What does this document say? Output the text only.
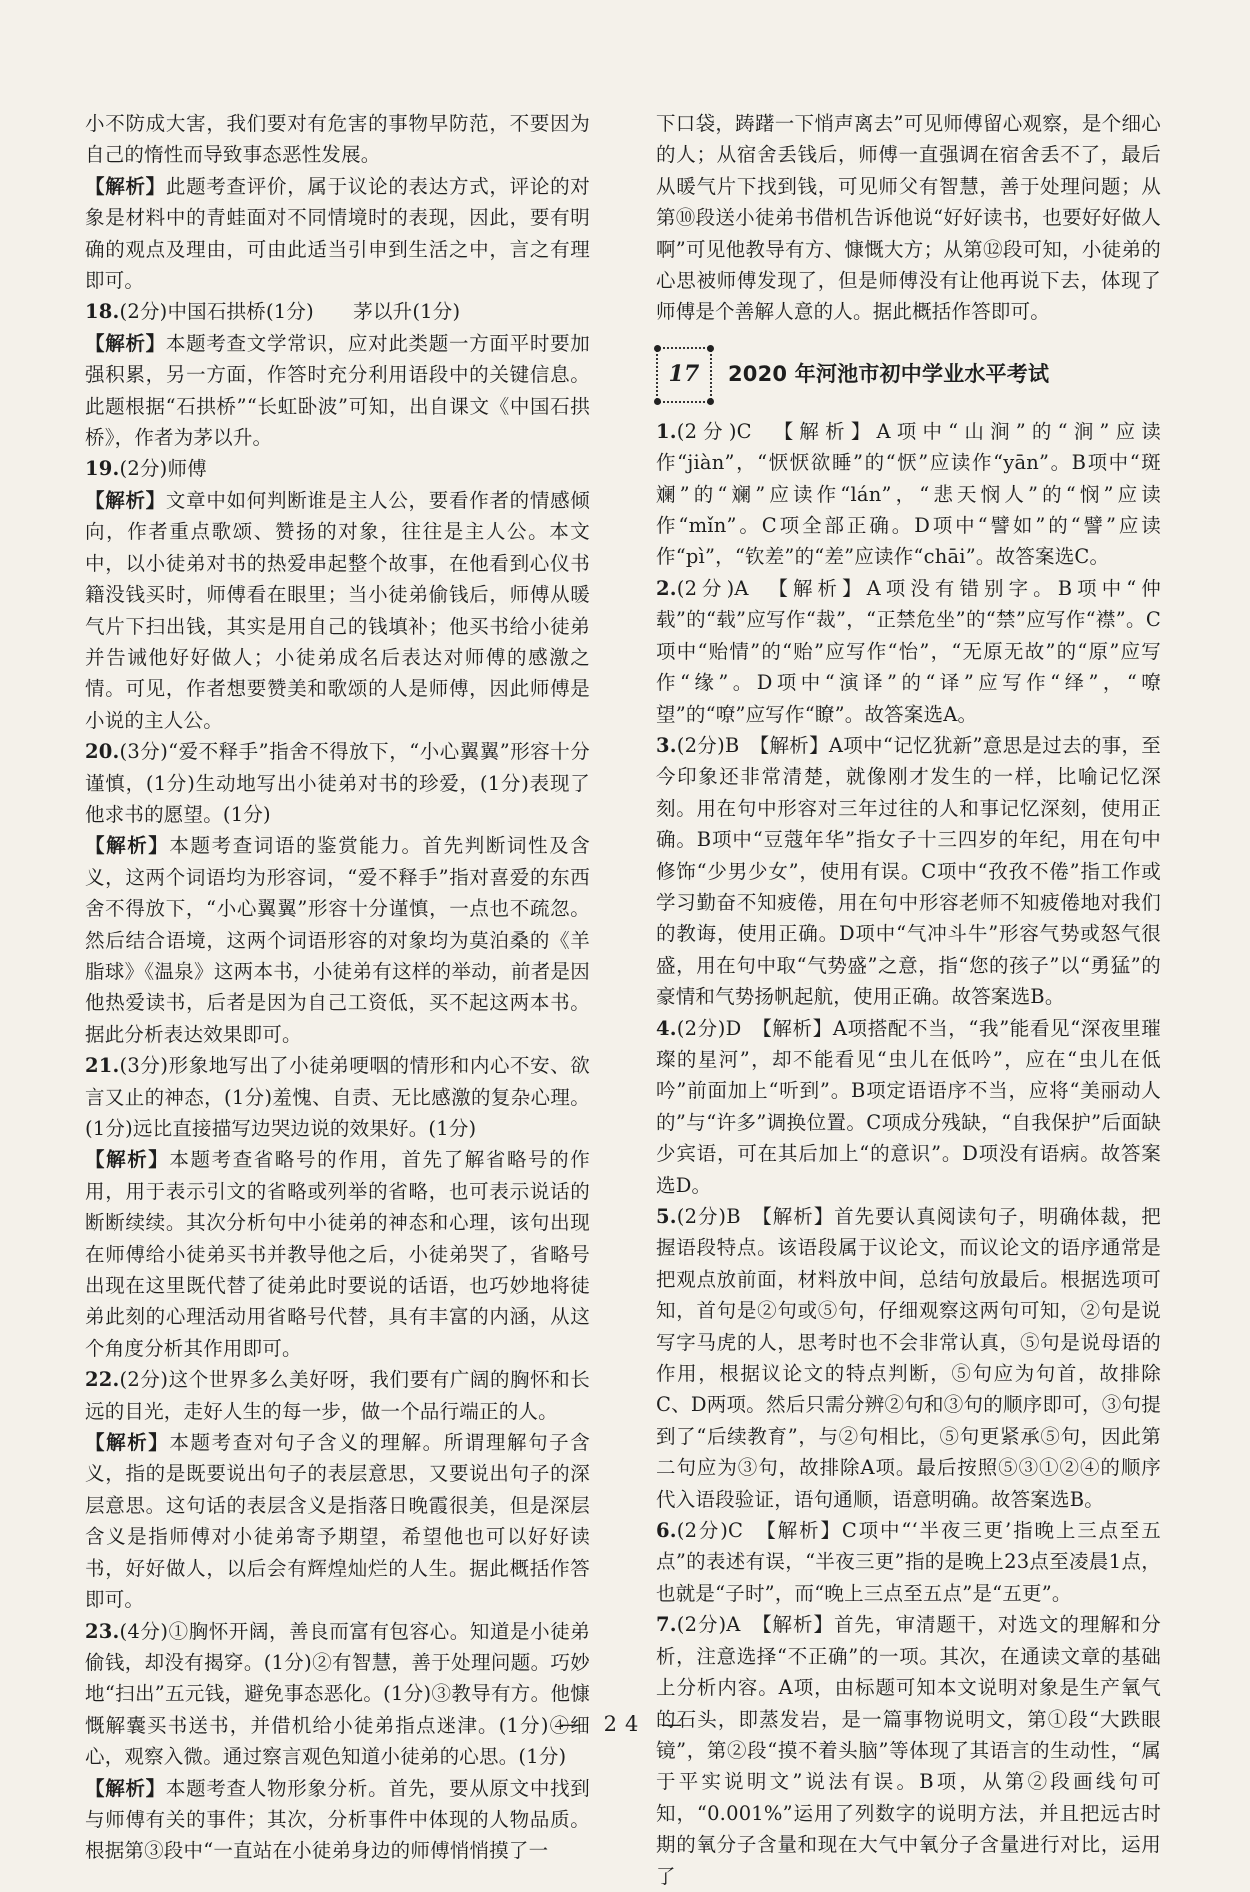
小不防成大害，我们要对有危害的事物早防范，不要因为自己的惰性而导致事态恶性发展。

【解析】此题考查评价，属于议论的表达方式，评论的对象是材料中的青蛙面对不同情境时的表现，因此，要有明确的观点及理由，可由此适当引申到生活之中，言之有理即可。

18.(2分)中国石拱桥(1分)　　茅以升(1分)

【解析】本题考查文学常识，应对此类题一方面平时要加强积累，另一方面，作答时充分利用语段中的关键信息。此题根据“石拱桥”“长虹卧波”可知，出自课文《中国石拱桥》，作者为茅以升。

19.(2分)师傅

【解析】文章中如何判断谁是主人公，要看作者的情感倾向，作者重点歌颂、赞扬的对象，往往是主人公。本文中，以小徒弟对书的热爱串起整个故事，在他看到心仪书籍没钱买时，师傅看在眼里；当小徒弟偷钱后，师傅从暖气片下扫出钱，其实是用自己的钱填补；他买书给小徒弟并告诫他好好做人；小徒弟成名后表达对师傅的感激之情。可见，作者想要赞美和歌颂的人是师傅，因此师傅是小说的主人公。

20.(3分)“爱不释手”指舍不得放下，“小心翼翼”形容十分谨慎，(1分)生动地写出小徒弟对书的珍爱，(1分)表现了他求书的愿望。(1分)

【解析】本题考查词语的鉴赏能力。首先判断词性及含义，这两个词语均为形容词，“爱不释手”指对喜爱的东西舍不得放下，“小心翼翼”形容十分谨慎，一点也不疏忽。然后结合语境，这两个词语形容的对象均为莫泊桑的《羊脂球》《温泉》这两本书，小徒弟有这样的举动，前者是因他热爱读书，后者是因为自己工资低，买不起这两本书。据此分析表达效果即可。

21.(3分)形象地写出了小徒弟哽咽的情形和内心不安、欲言又止的神态，(1分)羞愧、自责、无比感激的复杂心理。(1分)远比直接描写边哭边说的效果好。(1分)

【解析】本题考查省略号的作用，首先了解省略号的作用，用于表示引文的省略或列举的省略，也可表示说话的断断续续。其次分析句中小徒弟的神态和心理，该句出现在师傅给小徒弟买书并教导他之后，小徒弟哭了，省略号出现在这里既代替了徒弟此时要说的话语，也巧妙地将徒弟此刻的心理活动用省略号代替，具有丰富的内涵，从这个角度分析其作用即可。

22.(2分)这个世界多么美好呀，我们要有广阔的胸怀和长远的目光，走好人生的每一步，做一个品行端正的人。

【解析】本题考查对句子含义的理解。所谓理解句子含义，指的是既要说出句子的表层意思，又要说出句子的深层意思。这句话的表层含义是指落日晚霞很美，但是深层含义是指师傅对小徒弟寄予期望，希望他也可以好好读书，好好做人，以后会有辉煌灿烂的人生。据此概括作答即可。

23.(4分)①胸怀开阔，善良而富有包容心。知道是小徒弟偷钱，却没有揭穿。(1分)②有智慧，善于处理问题。巧妙地“扫出”五元钱，避免事态恶化。(1分)③教导有方。他慷慨解囊买书送书，并借机给小徒弟指点迷津。(1分)④细心，观察入微。通过察言观色知道小徒弟的心思。(1分)

【解析】本题考查人物形象分析。首先，要从原文中找到与师傅有关的事件；其次，分析事件中体现的人物品质。根据第③段中“一直站在小徒弟身边的师傅悄悄摸了一

下口袋，踌躇一下悄声离去”可见师傅留心观察，是个细心的人；从宿舍丢钱后，师傅一直强调在宿舍丢不了，最后从暖气片下找到钱，可见师父有智慧，善于处理问题；从第⑩段送小徒弟书借机告诉他说“好好读书，也要好好做人啊”可见他教导有方、慷慨大方；从第⑫段可知，小徒弟的心思被师傅发现了，但是师傅没有让他再说下去，体现了师傅是个善解人意的人。据此概括作答即可。

17 2020 年河池市初中学业水平考试

1.(2分)C　【解析】A项中“山涧”的“涧”应读作“jiàn”，“恹恹欲睡”的“恹”应读作“yān”。B项中“斑斓”的“斓”应读作“lán”，“悲天悯人”的“悯”应读作“mǐn”。C项全部正确。D项中“譬如”的“譬”应读作“pì”，“钦差”的“差”应读作“chāi”。故答案选C。

2.(2分)A　【解析】A项没有错别字。B项中“仲载”的“载”应写作“裁”，“正禁危坐”的“禁”应写作“襟”。C项中“贻情”的“贻”应写作“怡”，“无原无故”的“原”应写作“缘”。D项中“演译”的“译”应写作“绎”，“嘹望”的“嘹”应写作“瞭”。故答案选A。

3.(2分)B　【解析】A项中“记忆犹新”意思是过去的事，至今印象还非常清楚，就像刚才发生的一样，比喻记忆深刻。用在句中形容对三年过往的人和事记忆深刻，使用正确。B项中“豆蔻年华”指女子十三四岁的年纪，用在句中修饰“少男少女”，使用有误。C项中“孜孜不倦”指工作或学习勤奋不知疲倦，用在句中形容老师不知疲倦地对我们的教诲，使用正确。D项中“气冲斗牛”形容气势或怒气很盛，用在句中取“气势盛”之意，指“您的孩子”以“勇猛”的豪情和气势扬帆起航，使用正确。故答案选B。

4.(2分)D　【解析】A项搭配不当，“我”能看见“深夜里璀璨的星河”，却不能看见“虫儿在低吟”，应在“虫儿在低吟”前面加上“听到”。B项定语语序不当，应将“美丽动人的”与“许多”调换位置。C项成分残缺，“自我保护”后面缺少宾语，可在其后加上“的意识”。D项没有语病。故答案选D。

5.(2分)B　【解析】首先要认真阅读句子，明确体裁，把握语段特点。该语段属于议论文，而议论文的语序通常是把观点放前面，材料放中间，总结句放最后。根据选项可知，首句是②句或⑤句，仔细观察这两句可知，②句是说写字马虎的人，思考时也不会非常认真，⑤句是说母语的作用，根据议论文的特点判断，⑤句应为句首，故排除C、D两项。然后只需分辨②句和③句的顺序即可，③句提到了“后续教育”，与②句相比，⑤句更紧承⑤句，因此第二句应为③句，故排除A项。最后按照⑤③①②④的顺序代入语段验证，语句通顺，语意明确。故答案选B。

6.(2分)C　【解析】C项中“‘半夜三更’指晚上三点至五点”的表述有误，“半夜三更”指的是晚上23点至凌晨1点，也就是“子时”，而“晚上三点至五点”是“五更”。

7.(2分)A　【解析】首先，审清题干，对选文的理解和分析，注意选择“不正确”的一项。其次，在通读文章的基础上分析内容。A项，由标题可知本文说明对象是生产氧气的石头，即蒸发岩，是一篇事物说明文，第①段“大跌眼镜”，第②段“摸不着头脑”等体现了其语言的生动性，“属于平实说明文”说法有误。B项，从第②段画线句可知，“0.001%”运用了列数字的说明方法，并且把远古时期的氧分子含量和现在大气中氧分子含量进行对比，运用了

— 24 —
